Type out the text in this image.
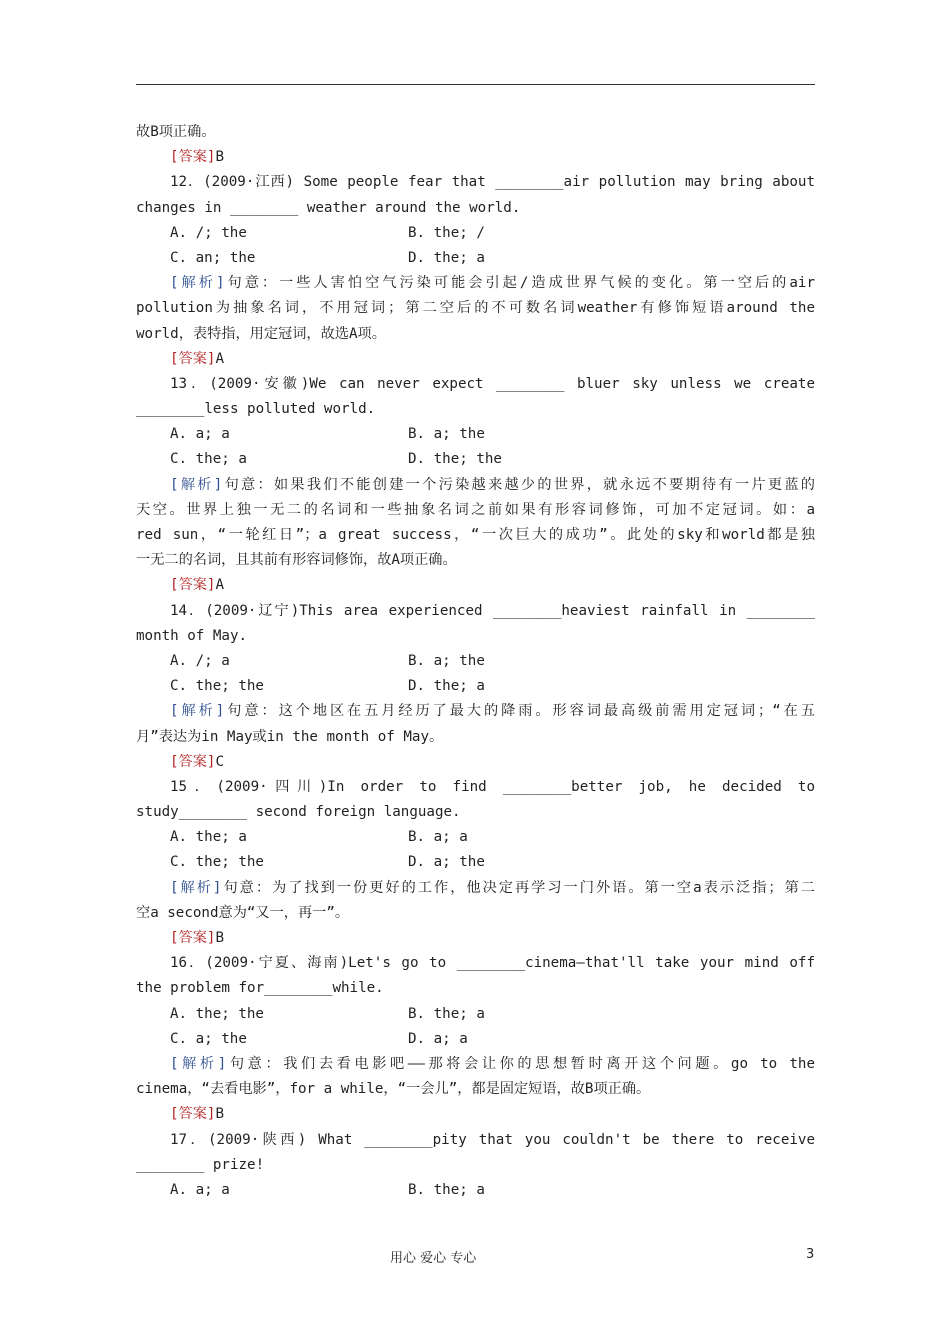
故B项正确。
[答案]B
12．(2009·江西) Some people fear that ________air pollution may bring about
changes in ________ weather around the world.
A. /; the	B. the; /
C. an; the	D. the; a
[解析]句意：一些人害怕空气污染可能会引起/造成世界气候的变化。第一空后的air
pollution为抽象名词，不用冠词；第二空后的不可数名词weather有修饰短语around the
world，表特指，用定冠词，故选A项。
[答案]A
13．(2009·安徽)We can never expect ________ bluer sky unless we create
________less polluted world.
A. a; a	B. a; the
C. the; a	D. the; the
[解析]句意：如果我们不能创建一个污染越来越少的世界，就永远不要期待有一片更蓝的
天空。世界上独一无二的名词和一些抽象名词之前如果有形容词修饰，可加不定冠词。如：a
red sun，“一轮红日”；a great success，“一次巨大的成功”。此处的sky和world都是独
一无二的名词，且其前有形容词修饰，故A项正确。
[答案]A
14．(2009·辽宁)This area experienced ________heaviest rainfall in ________
month of May.
A. /; a	B. a; the
C. the; the	D. the; a
[解析]句意：这个地区在五月经历了最大的降雨。形容词最高级前需用定冠词；“在五
月”表达为in May或in the month of May。
[答案]C
15．(2009·四川)In order to find ________better job, he decided to
study________ second foreign language.
A. the; a	B. a; a
C. the; the	D. a; the
[解析]句意：为了找到一份更好的工作，他决定再学习一门外语。第一空a表示泛指；第二
空a second意为“又一，再一”。
[答案]B
16．(2009·宁夏、海南)Let's go to ________cinema—that'll take your mind off
the problem for________while.
A. the; the	B. the; a
C. a; the	D. a; a
[解析]句意：我们去看电影吧——那将会让你的思想暂时离开这个问题。go to the
cinema，“去看电影”，for a while，“一会儿”，都是固定短语，故B项正确。
[答案]B
17．(2009·陕西) What ________pity that you couldn't be there to receive
________ prize!
A. a; a	B. the; a
用心 爱心 专心	3
